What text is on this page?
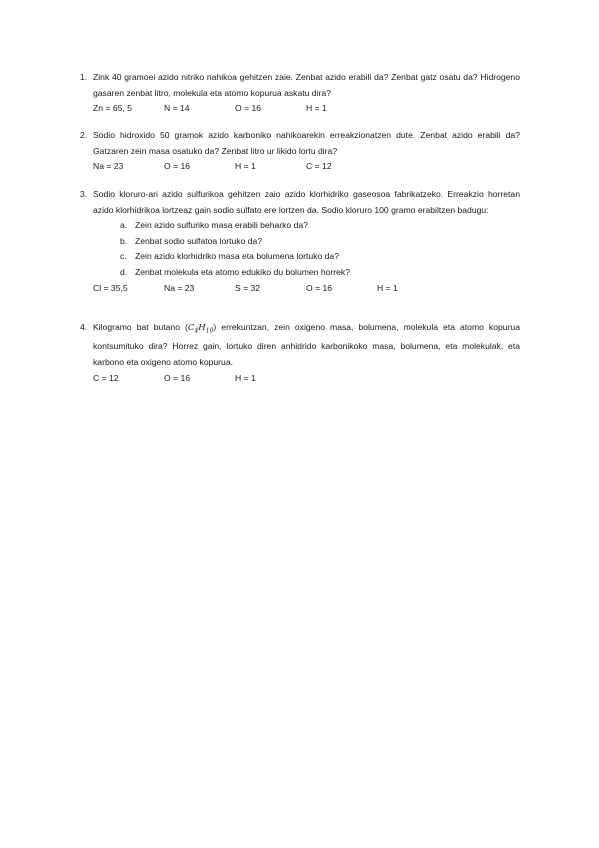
1. Zink 40 gramoei azido nitriko nahikoa gehitzen zaie. Zenbat azido erabili da? Zenbat gatz osatu da? Hidrogeno gasaren zenbat litro, molekula eta atomo kopurua askatu dira?
Zn = 65, 5	N = 14	O = 16	H = 1
2. Sodio hidroxido 50 gramok azido karboniko nahikoarekin erreakzionatzen dute. Zenbat azido erabili da? Gatzaren zein masa osatuko da? Zenbat litro ur likido lortu dira?
Na = 23	O = 16	H = 1	C = 12
3. Sodio kloruro-ari azido sulfurikoa gehitzen zaio azido klorhidriko gaseosoa fabrikatzeko. Erreakzio horretan azido klorhidrikoa lortzeaz gain sodio sulfato ere lortzen da. Sodio kloruro 100 gramo erabiltzen badugu:
a. Zein azido sulfuriko masa erabili beharko da?
b. Zenbat sodio sulfatoa lortuko da?
c. Zein azido klorhidriko masa eta bolumena lortuko da?
d. Zenbat molekula eta atomo edukiko du bolumen horrek?
Cl = 35,5	Na = 23	S = 32	O = 16	H = 1
4. Kilogramo bat butano $(C_4H_{10})$ errekuntzan, zein oxigeno masa, bolumena, molekula eta atomo kopurua kontsumituko dira? Horrez gain, lortuko diren anhidrido karbonikoko masa, bolumena, eta molekulak, eta karbono eta oxigeno atomo kopurua.
C = 12	O = 16	H = 1
